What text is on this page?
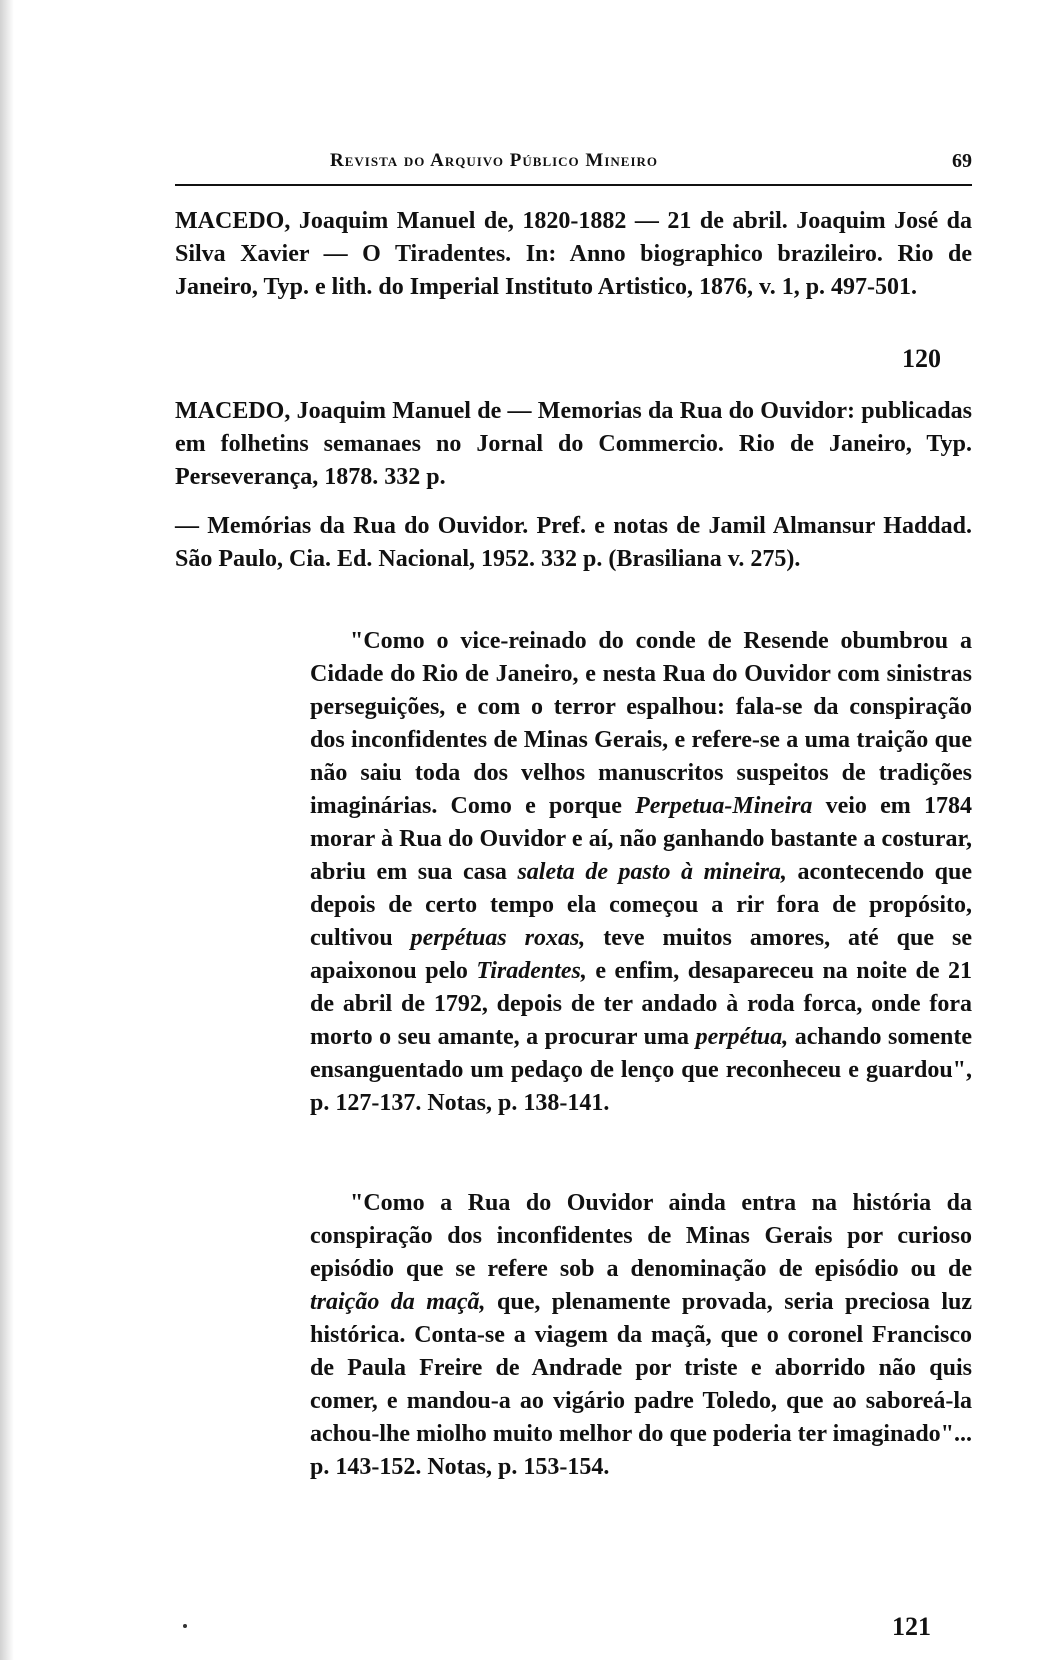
Revista do Arquivo Público Mineiro	69

MACEDO, Joaquim Manuel de, 1820-1882 — 21 de abril. Joaquim José da Silva Xavier — O Tiradentes. In: Anno biographico brazileiro. Rio de Janeiro, Typ. e lith. do Imperial Instituto Artistico, 1876, v. 1, p. 497-501.

120

MACEDO, Joaquim Manuel de — Memorias da Rua do Ouvidor: publicadas em folhetins semanaes no Jornal do Commercio. Rio de Janeiro, Typ. Perseverança, 1878. 332 p.

— Memórias da Rua do Ouvidor. Pref. e notas de Jamil Almansur Haddad. São Paulo, Cia. Ed. Nacional, 1952. 332 p. (Brasiliana v. 275).

"Como o vice-reinado do conde de Resende obumbrou a Cidade do Rio de Janeiro, e nesta Rua do Ouvidor com sinistras perseguições, e com o terror espalhou: fala-se da conspiração dos inconfidentes de Minas Gerais, e refere-se a uma traição que não saiu toda dos velhos manuscritos suspeitos de tradições imaginárias. Como e porque Perpetua-Mineira veio em 1784 morar à Rua do Ouvidor e aí, não ganhando bastante a costurar, abriu em sua casa saleta de pasto à mineira, acontecendo que depois de certo tempo ela começou a rir fora de propósito, cultivou perpétuas roxas, teve muitos amores, até que se apaixonou pelo Tiradentes, e enfim, desapareceu na noite de 21 de abril de 1792, depois de ter andado à roda forca, onde fora morto o seu amante, a procurar uma perpétua, achando somente ensanguentado um pedaço de lenço que reconheceu e guardou", p. 127-137. Notas, p. 138-141.

"Como a Rua do Ouvidor ainda entra na história da conspiração dos inconfidentes de Minas Gerais por curioso episódio que se refere sob a denominação de episódio ou de traição da maçã, que, plenamente provada, seria preciosa luz histórica. Conta-se a viagem da maçã, que o coronel Francisco de Paula Freire de Andrade por triste e aborrido não quis comer, e mandou-a ao vigário padre Toledo, que ao saboreá-la achou-lhe miolho muito melhor do que poderia ter imaginado"... p. 143-152. Notas, p. 153-154.

121
